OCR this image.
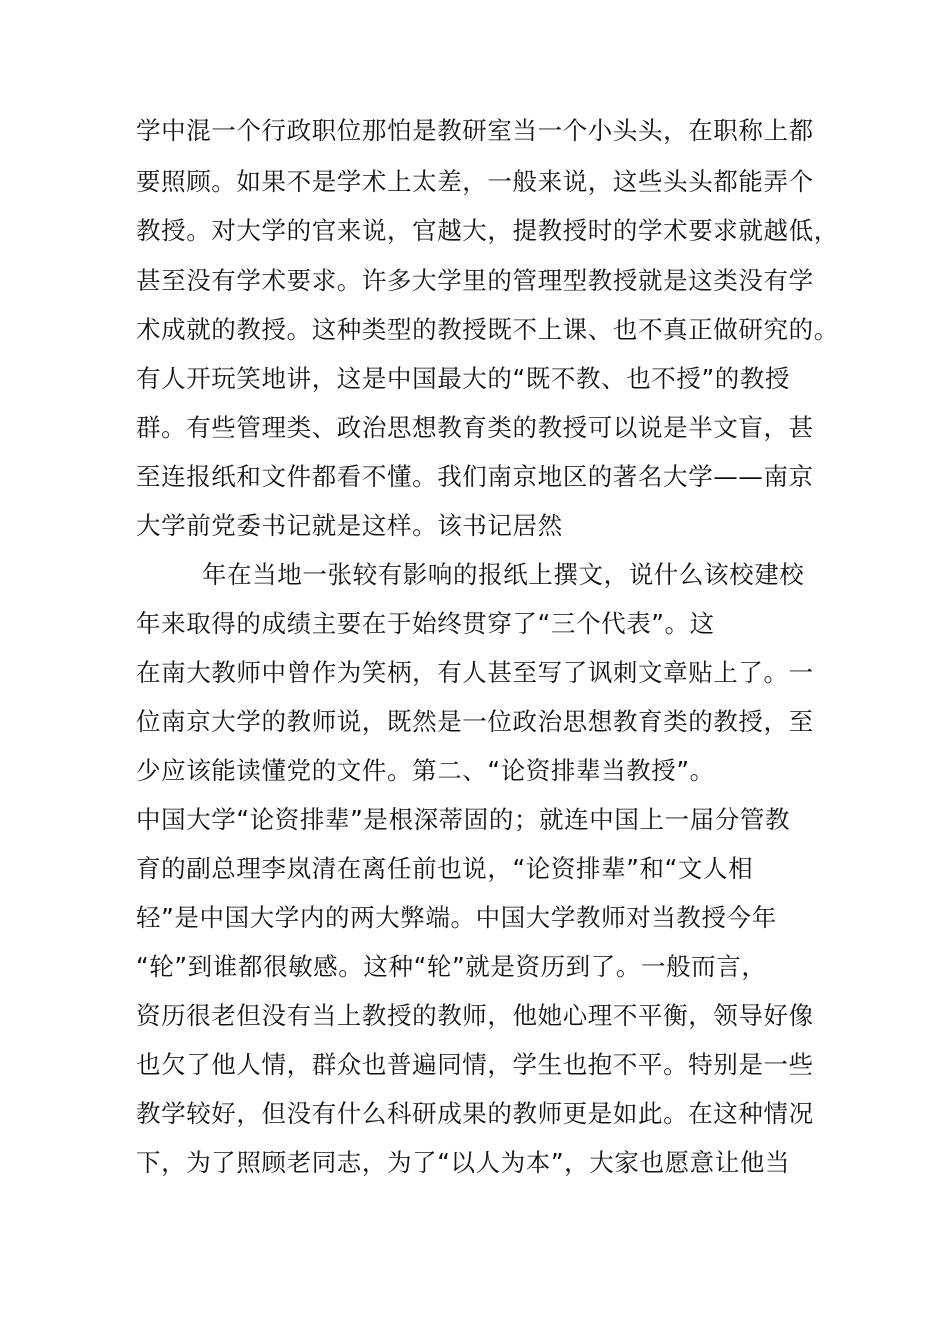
学中混一个行政职位那怕是教研室当一个小头头，在职称上都
要照顾。如果不是学术上太差，一般来说，这些头头都能弄个
教授。对大学的官来说，官越大，提教授时的学术要求就越低，
甚至没有学术要求。许多大学里的管理型教授就是这类没有学
术成就的教授。这种类型的教授既不上课、也不真正做研究的。
有人开玩笑地讲，这是中国最大的“既不教、也不授”的教授
群。有些管理类、政治思想教育类的教授可以说是半文盲，甚
至连报纸和文件都看不懂。我们南京地区的著名大学——南京
大学前党委书记就是这样。该书记居然
年在当地一张较有影响的报纸上撰文，说什么该校建校
年来取得的成绩主要在于始终贯穿了“三个代表”。这
在南大教师中曾作为笑柄，有人甚至写了讽刺文章贴上了。一
位南京大学的教师说，既然是一位政治思想教育类的教授，至
少应该能读懂党的文件。第二、“论资排辈当教授”。
中国大学“论资排辈”是根深蒂固的；就连中国上一届分管教
育的副总理李岚清在离任前也说，“论资排辈”和“文人相
轻”是中国大学内的两大弊端。中国大学教师对当教授今年
“轮”到谁都很敏感。这种“轮”就是资历到了。一般而言，
资历很老但没有当上教授的教师，他她心理不平衡，领导好像
也欠了他人情，群众也普遍同情，学生也抱不平。特别是一些
教学较好，但没有什么科研成果的教师更是如此。在这种情况
下，为了照顾老同志，为了“以人为本”，大家也愿意让他当
